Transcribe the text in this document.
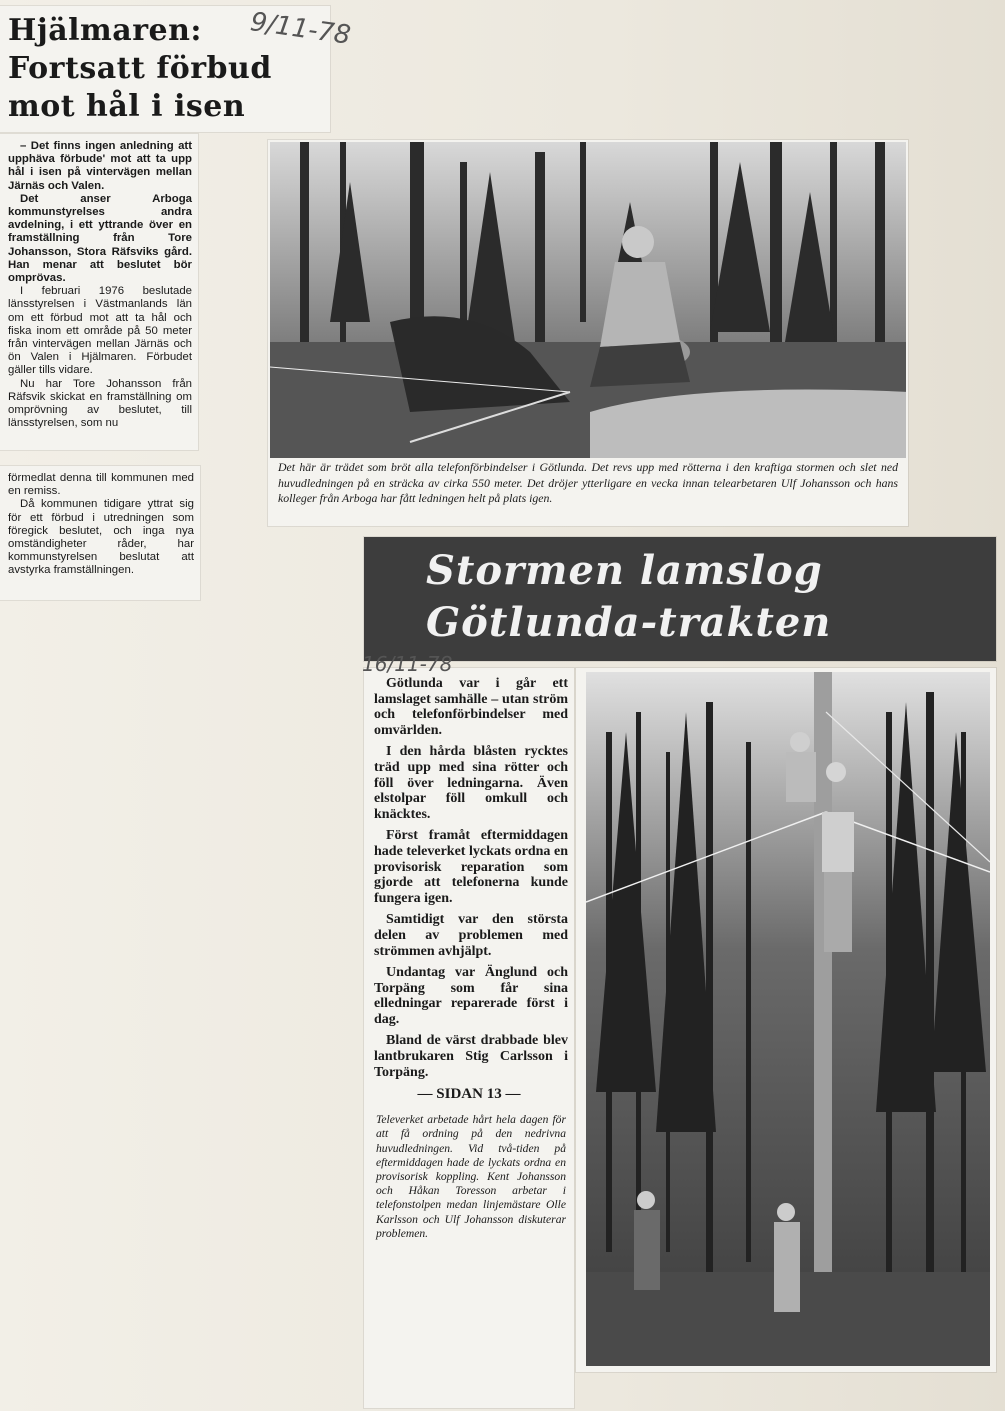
Hjälmaren: Fortsatt förbud mot hål i isen
9/11-78

– Det finns ingen anledning att upphäva förbude' mot att ta upp hål i isen på vintervägen mellan Järnäs och Valen.

Det anser Arboga kommunstyrelses andra avdelning, i ett yttrande över en framställning från Tore Johansson, Stora Räfsviks gård. Han menar att beslutet bör omprövas.

I februari 1976 beslutade länsstyrelsen i Västmanlands län om ett förbud mot att ta hål och fiska inom ett område på 50 meter från vintervägen mellan Järnäs och ön Valen i Hjälmaren. Förbudet gäller tills vidare.

Nu har Tore Johansson från Räfsvik skickat en framställning om omprövning av beslutet, till länsstyrelsen, som nu

förmedlat denna till kommunen med en remiss.

Då kommunen tidigare yttrat sig för ett förbud i utredningen som föregick beslutet, och inga nya omständigheter råder, har kommunstyrelsen beslutat att avstyrka framställningen.

Det här är trädet som bröt alla telefonförbindelser i Götlunda. Det revs upp med rötterna i den kraftiga stormen och slet ned huvudledningen på en sträcka av cirka 550 meter. Det dröjer ytterligare en vecka innan telearbetaren Ulf Johansson och hans kolleger från Arboga har fått ledningen helt på plats igen.
Stormen lamslog
Götlunda-trakten

Götlunda var i går ett lamslaget samhälle – utan ström och telefonförbindelser med omvärlden.

I den hårda blåsten rycktes träd upp med sina rötter och föll över ledningarna. Även elstolpar föll omkull och knäcktes.

Först framåt eftermiddagen hade televerket lyckats ordna en provisorisk reparation som gjorde att telefonerna kunde fungera igen.

Samtidigt var den största delen av problemen med strömmen avhjälpt.

Undantag var Änglund och Torpäng som får sina elledningar reparerade först i dag.

Bland de värst drabbade blev lantbrukaren Stig Carlsson i Torpäng.

— SIDAN 13 —
Televerket arbetade hårt hela dagen för att få ordning på den nedrivna huvudledningen. Vid två-tiden på eftermiddagen hade de lyckats ordna en provisorisk koppling. Kent Johansson och Håkan Toresson arbetar i telefonstolpen medan linjemästare Olle Karlsson och Ulf Johansson diskuterar problemen.
16/11-78
